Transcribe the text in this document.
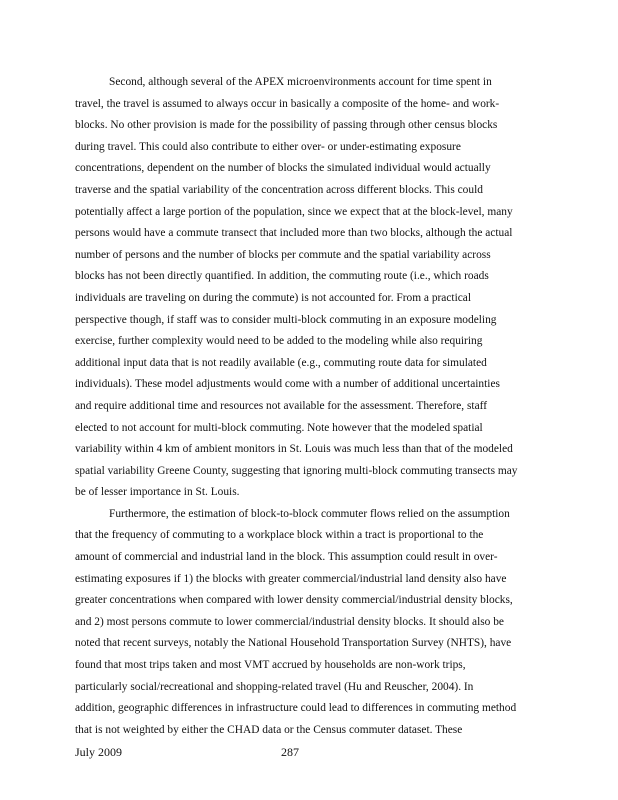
Second, although several of the APEX microenvironments account for time spent in
travel, the travel is assumed to always occur in basically a composite of the home- and work-
blocks. No other provision is made for the possibility of passing through other census blocks
during travel. This could also contribute to either over- or under-estimating exposure
concentrations, dependent on the number of blocks the simulated individual would actually
traverse and the spatial variability of the concentration across different blocks. This could
potentially affect a large portion of the population, since we expect that at the block-level, many
persons would have a commute transect that included more than two blocks, although the actual
number of persons and the number of blocks per commute and the spatial variability across
blocks has not been directly quantified. In addition, the commuting route (i.e., which roads
individuals are traveling on during the commute) is not accounted for. From a practical
perspective though, if staff was to consider multi-block commuting in an exposure modeling
exercise, further complexity would need to be added to the modeling while also requiring
additional input data that is not readily available (e.g., commuting route data for simulated
individuals). These model adjustments would come with a number of additional uncertainties
and require additional time and resources not available for the assessment. Therefore, staff
elected to not account for multi-block commuting. Note however that the modeled spatial
variability within 4 km of ambient monitors in St. Louis was much less than that of the modeled
spatial variability Greene County, suggesting that ignoring multi-block commuting transects may
be of lesser importance in St. Louis.

Furthermore, the estimation of block-to-block commuter flows relied on the assumption
that the frequency of commuting to a workplace block within a tract is proportional to the
amount of commercial and industrial land in the block. This assumption could result in over-
estimating exposures if 1) the blocks with greater commercial/industrial land density also have
greater concentrations when compared with lower density commercial/industrial density blocks,
and 2) most persons commute to lower commercial/industrial density blocks. It should also be
noted that recent surveys, notably the National Household Transportation Survey (NHTS), have
found that most trips taken and most VMT accrued by households are non-work trips,
particularly social/recreational and shopping-related travel (Hu and Reuscher, 2004). In
addition, geographic differences in infrastructure could lead to differences in commuting method
that is not weighted by either the CHAD data or the Census commuter dataset. These

July 2009	287
